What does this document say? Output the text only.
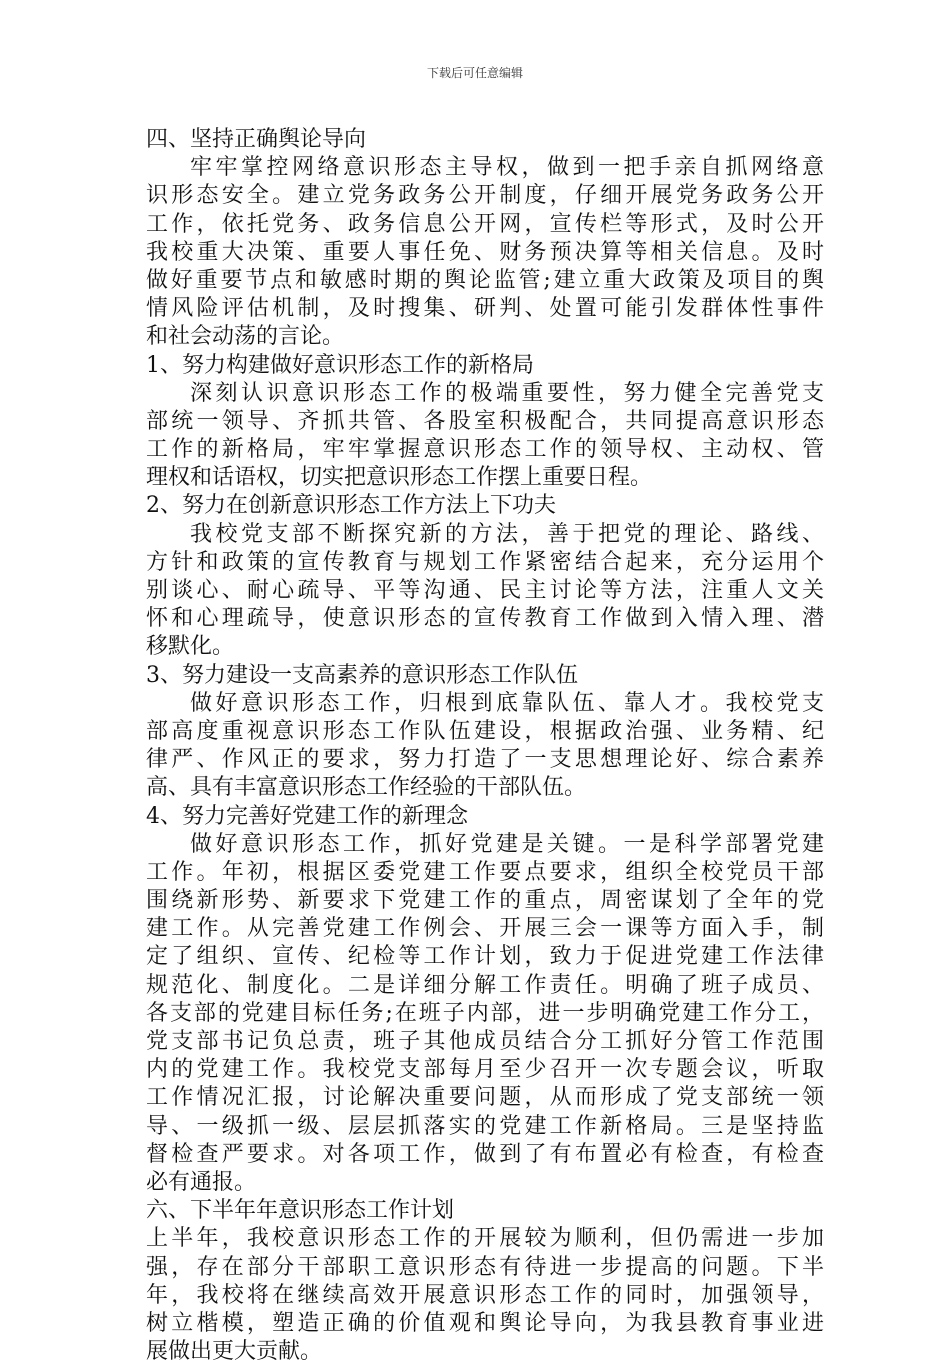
下载后可任意编辑
四、坚持正确舆论导向
牢牢掌控网络意识形态主导权，做到一把手亲自抓网络意
识形态安全。建立党务政务公开制度，仔细开展党务政务公开
工作，依托党务、政务信息公开网，宣传栏等形式，及时公开
我校重大决策、重要人事任免、财务预决算等相关信息。及时
做好重要节点和敏感时期的舆论监管;建立重大政策及项目的舆
情风险评估机制，及时搜集、研判、处置可能引发群体性事件
和社会动荡的言论。
1、努力构建做好意识形态工作的新格局
深刻认识意识形态工作的极端重要性，努力健全完善党支
部统一领导、齐抓共管、各股室积极配合，共同提高意识形态
工作的新格局，牢牢掌握意识形态工作的领导权、主动权、管
理权和话语权，切实把意识形态工作摆上重要日程。
2、努力在创新意识形态工作方法上下功夫
我校党支部不断探究新的方法，善于把党的理论、路线、
方针和政策的宣传教育与规划工作紧密结合起来，充分运用个
别谈心、耐心疏导、平等沟通、民主讨论等方法，注重人文关
怀和心理疏导，使意识形态的宣传教育工作做到入情入理、潜
移默化。
3、努力建设一支高素养的意识形态工作队伍
做好意识形态工作，归根到底靠队伍、靠人才。我校党支
部高度重视意识形态工作队伍建设，根据政治强、业务精、纪
律严、作风正的要求，努力打造了一支思想理论好、综合素养
高、具有丰富意识形态工作经验的干部队伍。
4、努力完善好党建工作的新理念
做好意识形态工作，抓好党建是关键。一是科学部署党建
工作。年初，根据区委党建工作要点要求，组织全校党员干部
围绕新形势、新要求下党建工作的重点，周密谋划了全年的党
建工作。从完善党建工作例会、开展三会一课等方面入手，制
定了组织、宣传、纪检等工作计划，致力于促进党建工作法律
规范化、制度化。二是详细分解工作责任。明确了班子成员、
各支部的党建目标任务;在班子内部，进一步明确党建工作分工，
党支部书记负总责，班子其他成员结合分工抓好分管工作范围
内的党建工作。我校党支部每月至少召开一次专题会议，听取
工作情况汇报，讨论解决重要问题，从而形成了党支部统一领
导、一级抓一级、层层抓落实的党建工作新格局。三是坚持监
督检查严要求。对各项工作，做到了有布置必有检查，有检查
必有通报。
六、下半年年意识形态工作计划
上半年，我校意识形态工作的开展较为顺利，但仍需进一步加
强，存在部分干部职工意识形态有待进一步提高的问题。下半
年，我校将在继续高效开展意识形态工作的同时，加强领导，
树立楷模，塑造正确的价值观和舆论导向，为我县教育事业进
展做出更大贡献。
